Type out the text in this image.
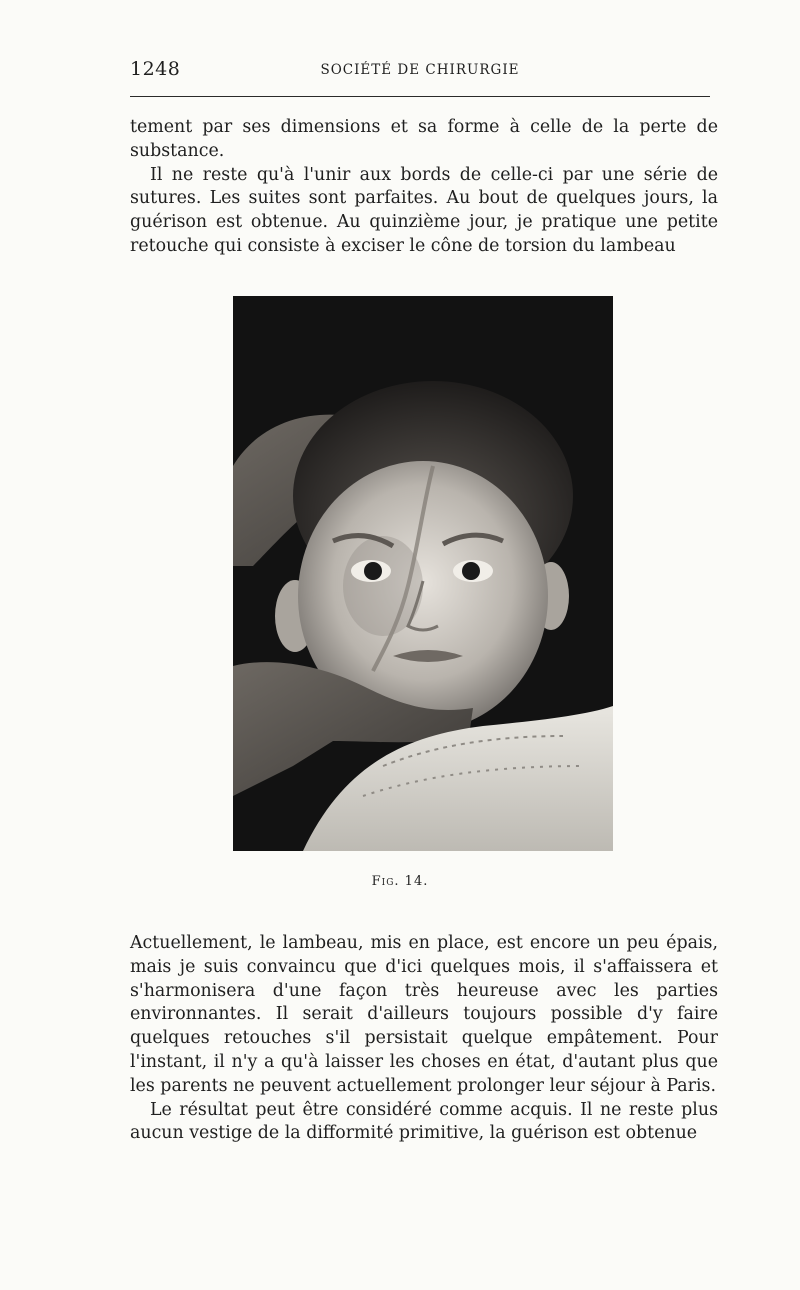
1248	SOCIÉTÉ DE CHIRURGIE

tement par ses dimensions et sa forme à celle de la perte de substance.

Il ne reste qu'à l'unir aux bords de celle-ci par une série de sutures. Les suites sont parfaites. Au bout de quelques jours, la guérison est obtenue. Au quinzième jour, je pratique une petite retouche qui consiste à exciser le cône de torsion du lambeau

Fig. 14.

Actuellement, le lambeau, mis en place, est encore un peu épais, mais je suis convaincu que d'ici quelques mois, il s'affaissera et s'harmonisera d'une façon très heureuse avec les parties environnantes. Il serait d'ailleurs toujours possible d'y faire quelques retouches s'il persistait quelque empâtement. Pour l'instant, il n'y a qu'à laisser les choses en état, d'autant plus que les parents ne peuvent actuellement prolonger leur séjour à Paris.

Le résultat peut être considéré comme acquis. Il ne reste plus aucun vestige de la difformité primitive, la guérison est obtenue
